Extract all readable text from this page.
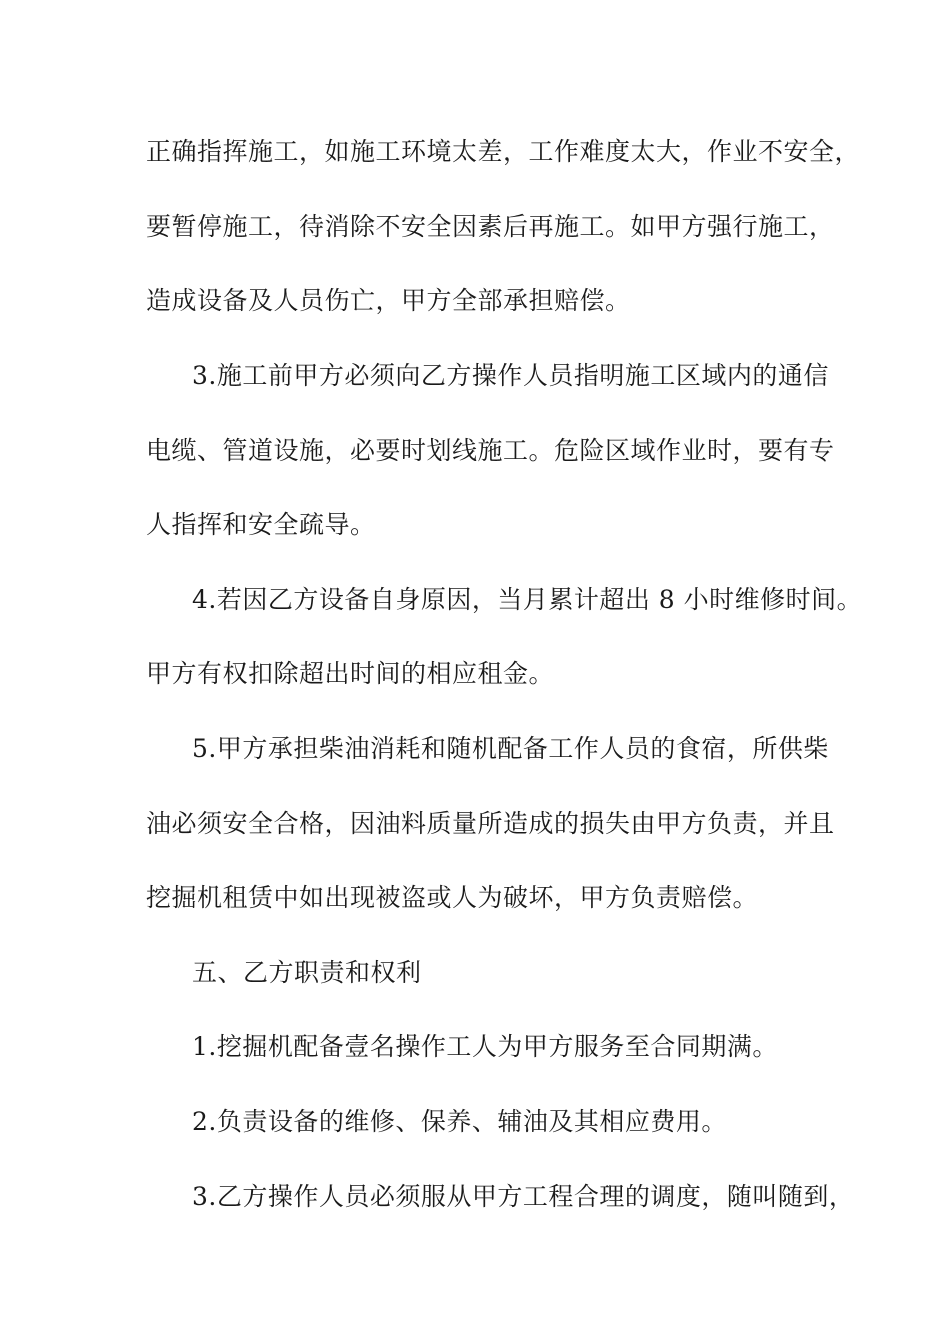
正确指挥施工，如施工环境太差，工作难度太大，作业不安全，
要暂停施工，待消除不安全因素后再施工。如甲方强行施工，
造成设备及人员伤亡，甲方全部承担赔偿。
3.施工前甲方必须向乙方操作人员指明施工区域内的通信
电缆、管道设施，必要时划线施工。危险区域作业时，要有专
人指挥和安全疏导。
4.若因乙方设备自身原因，当月累计超出 8 小时维修时间。
甲方有权扣除超出时间的相应租金。
5.甲方承担柴油消耗和随机配备工作人员的食宿，所供柴
油必须安全合格，因油料质量所造成的损失由甲方负责，并且
挖掘机租赁中如出现被盗或人为破坏，甲方负责赔偿。
五、乙方职责和权利
1.挖掘机配备壹名操作工人为甲方服务至合同期满。
2.负责设备的维修、保养、辅油及其相应费用。
3.乙方操作人员必须服从甲方工程合理的调度，随叫随到，
